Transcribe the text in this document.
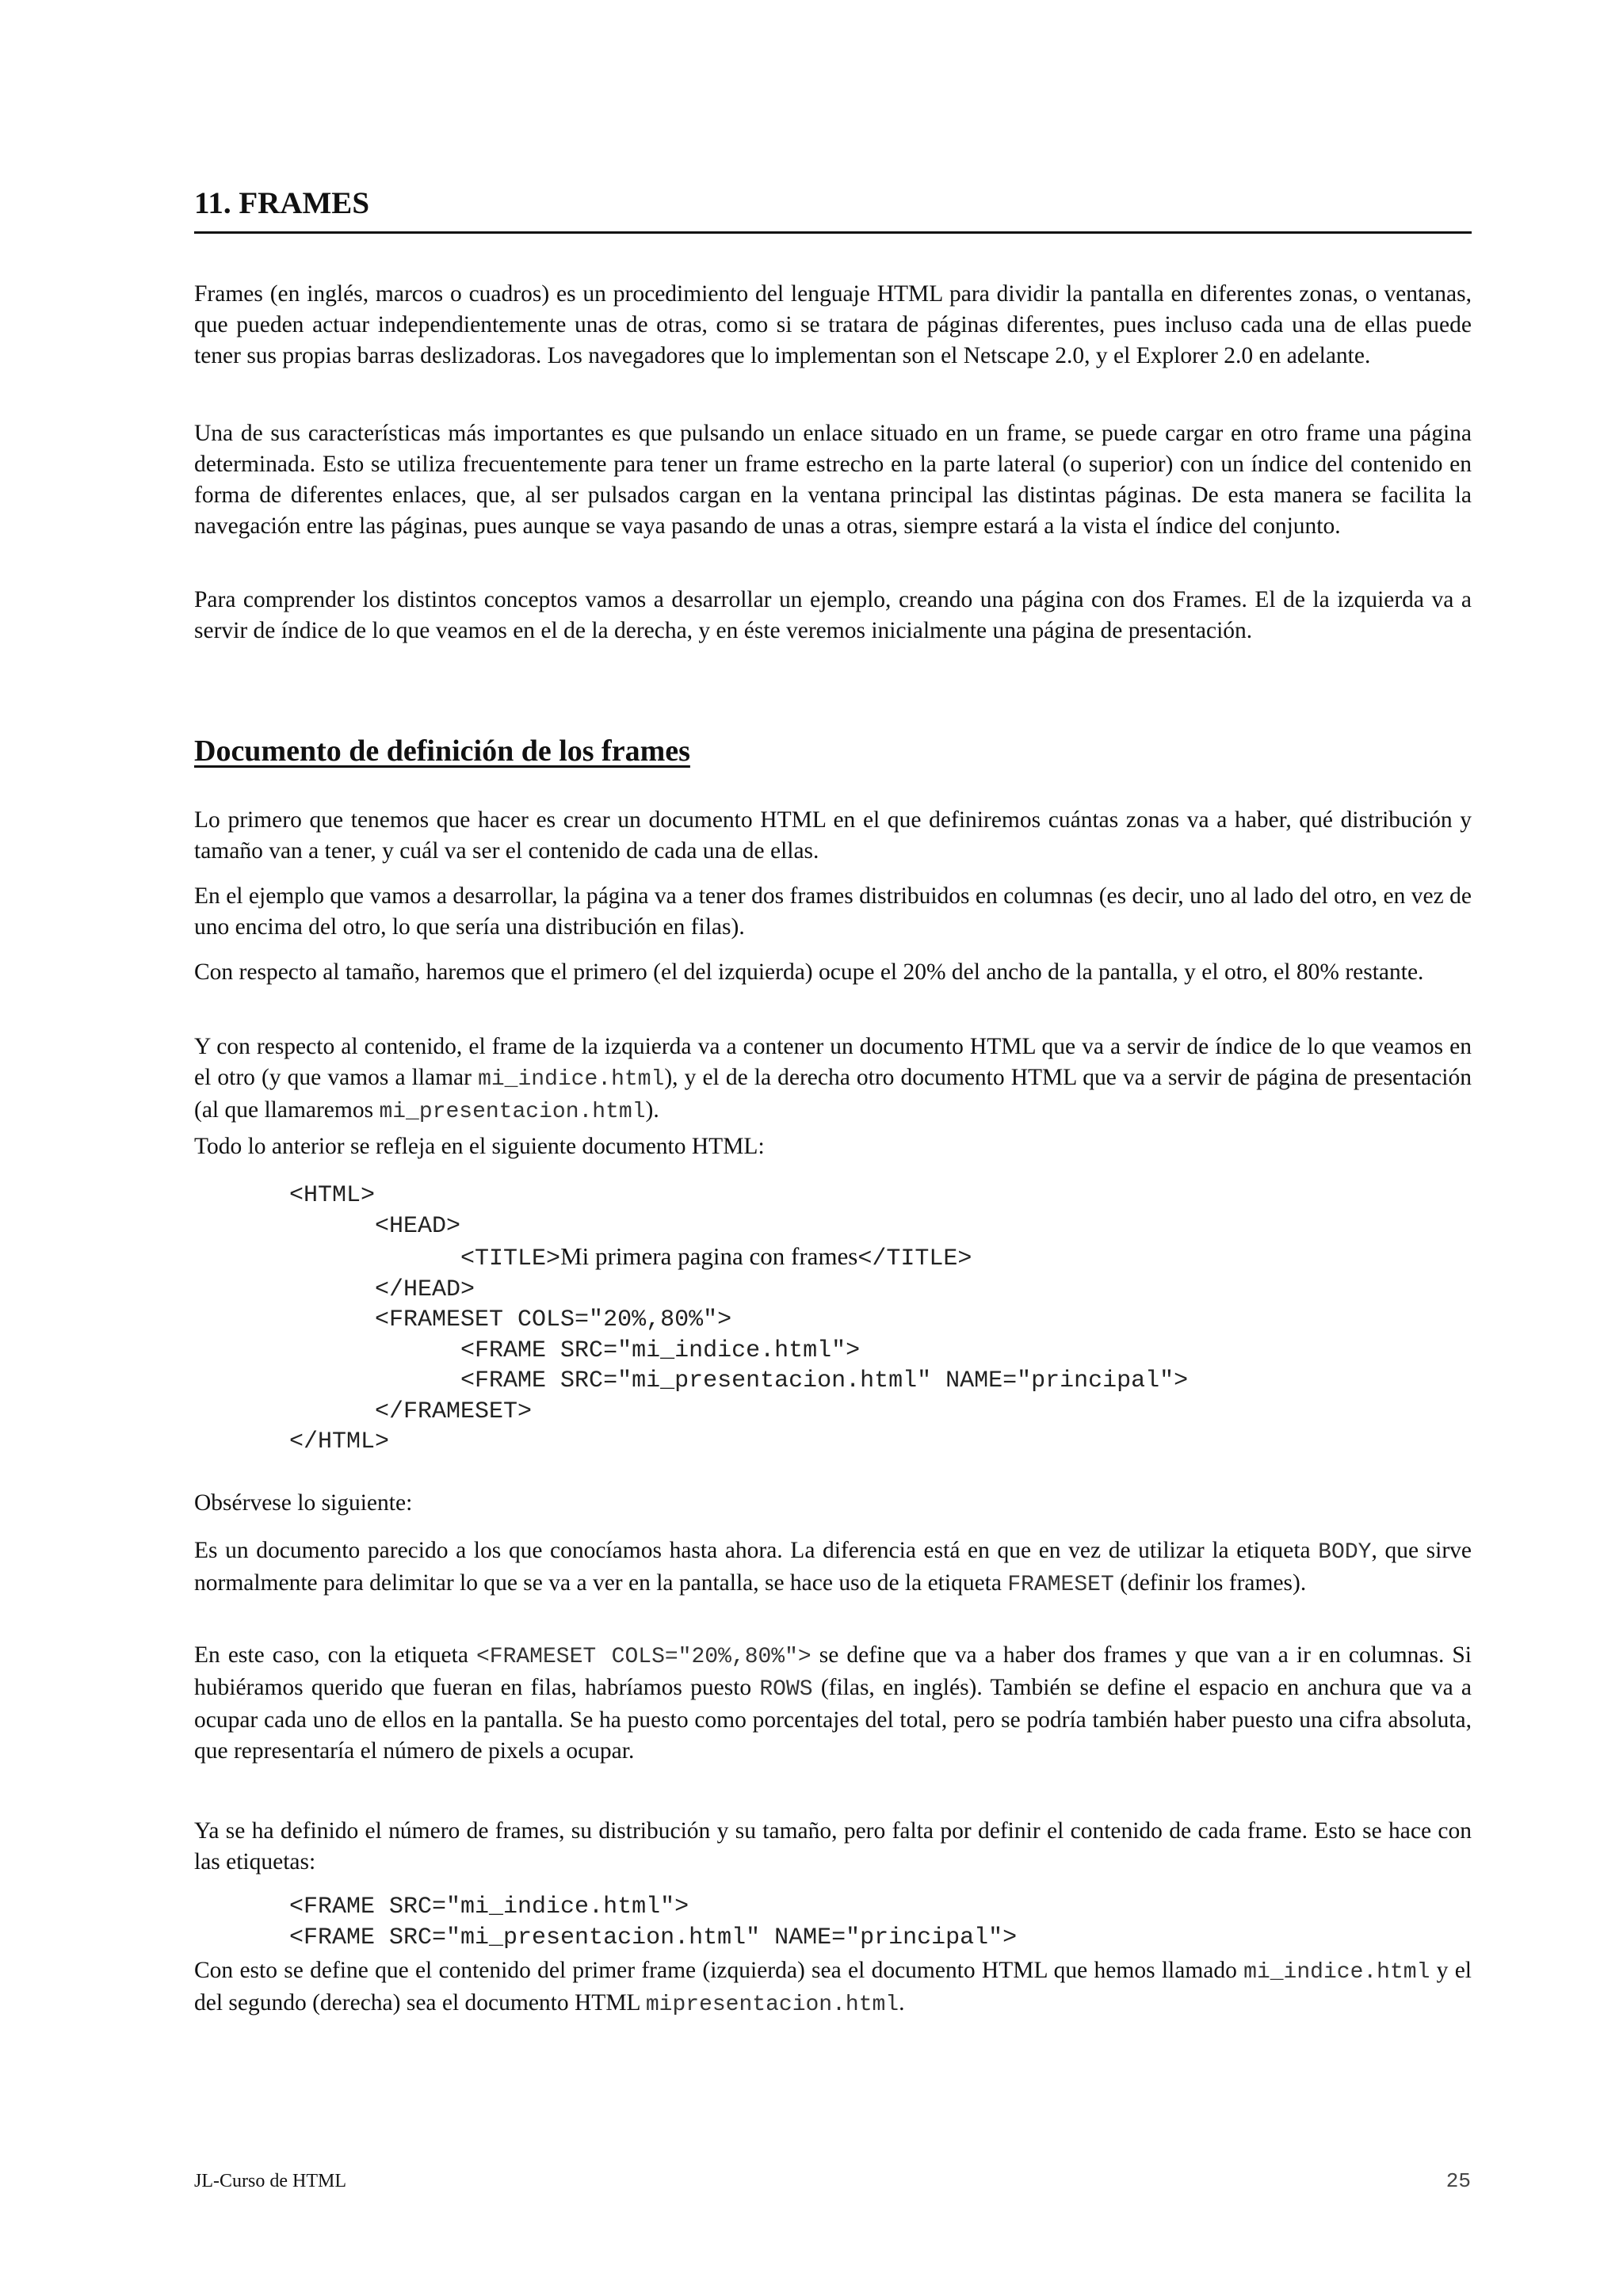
11. FRAMES

Frames (en inglés, marcos o cuadros) es un procedimiento del lenguaje HTML para dividir la pantalla en diferentes zonas, o ventanas, que pueden actuar independientemente unas de otras, como si se tratara de páginas diferentes, pues incluso cada una de ellas puede tener sus propias barras deslizadoras. Los navegadores que lo implementan son el Netscape 2.0, y el Explorer 2.0 en adelante.

Una de sus características más importantes es que pulsando un enlace situado en un frame, se puede cargar en otro frame una página determinada. Esto se utiliza frecuentemente para tener un frame estrecho en la parte lateral (o superior) con un índice del contenido en forma de diferentes enlaces, que, al ser pulsados cargan en la ventana principal las distintas páginas. De esta manera se facilita la navegación entre las páginas, pues aunque se vaya pasando de unas a otras, siempre estará a la vista el índice del conjunto.

Para comprender los distintos conceptos vamos a desarrollar un ejemplo, creando una página con dos Frames. El de la izquierda va a servir de índice de lo que veamos en el de la derecha, y en éste veremos inicialmente una página de presentación.

Documento de definición de los frames

Lo primero que tenemos que hacer es crear un documento HTML en el que definiremos cuántas zonas va a haber, qué distribución y tamaño van a tener, y cuál va ser el contenido de cada una de ellas.

En el ejemplo que vamos a desarrollar, la página va a tener dos frames distribuidos en columnas (es decir, uno al lado del otro, en vez de uno encima del otro, lo que sería una distribución en filas).

Con respecto al tamaño, haremos que el primero (el del izquierda) ocupe el 20% del ancho de la pantalla, y el otro, el 80% restante.

Y con respecto al contenido, el frame de la izquierda va a contener un documento HTML que va a servir de índice de lo que veamos en el otro (y que vamos a llamar mi_indice.html), y el de la derecha otro documento HTML que va a servir de página de presentación (al que llamaremos mi_presentacion.html).

Todo lo anterior se refleja en el siguiente documento HTML:

<HTML>
<HEAD>
<TITLE>Mi primera pagina con frames</TITLE>
</HEAD>
<FRAMESET COLS="20%,80%">
<FRAME SRC="mi_indice.html">
<FRAME SRC="mi_presentacion.html" NAME="principal">
</FRAMESET>
</HTML>

Obsérvese lo siguiente:

Es un documento parecido a los que conocíamos hasta ahora. La diferencia está en que en vez de utilizar la etiqueta BODY, que sirve normalmente para delimitar lo que se va a ver en la pantalla, se hace uso de la etiqueta FRAMESET (definir los frames).

En este caso, con la etiqueta <FRAMESET COLS="20%,80%"> se define que va a haber dos frames y que van a ir en columnas. Si hubiéramos querido que fueran en filas, habríamos puesto ROWS (filas, en inglés). También se define el espacio en anchura que va a ocupar cada uno de ellos en la pantalla. Se ha puesto como porcentajes del total, pero se podría también haber puesto una cifra absoluta, que representaría el número de pixels a ocupar.

Ya se ha definido el número de frames, su distribución y su tamaño, pero falta por definir el contenido de cada frame. Esto se hace con las etiquetas:

<FRAME SRC="mi_indice.html">
<FRAME SRC="mi_presentacion.html" NAME="principal">

Con esto se define que el contenido del primer frame (izquierda) sea el documento HTML que hemos llamado mi_indice.html y el del segundo (derecha) sea el documento HTML mipresentacion.html.

JL-Curso de HTML	25
